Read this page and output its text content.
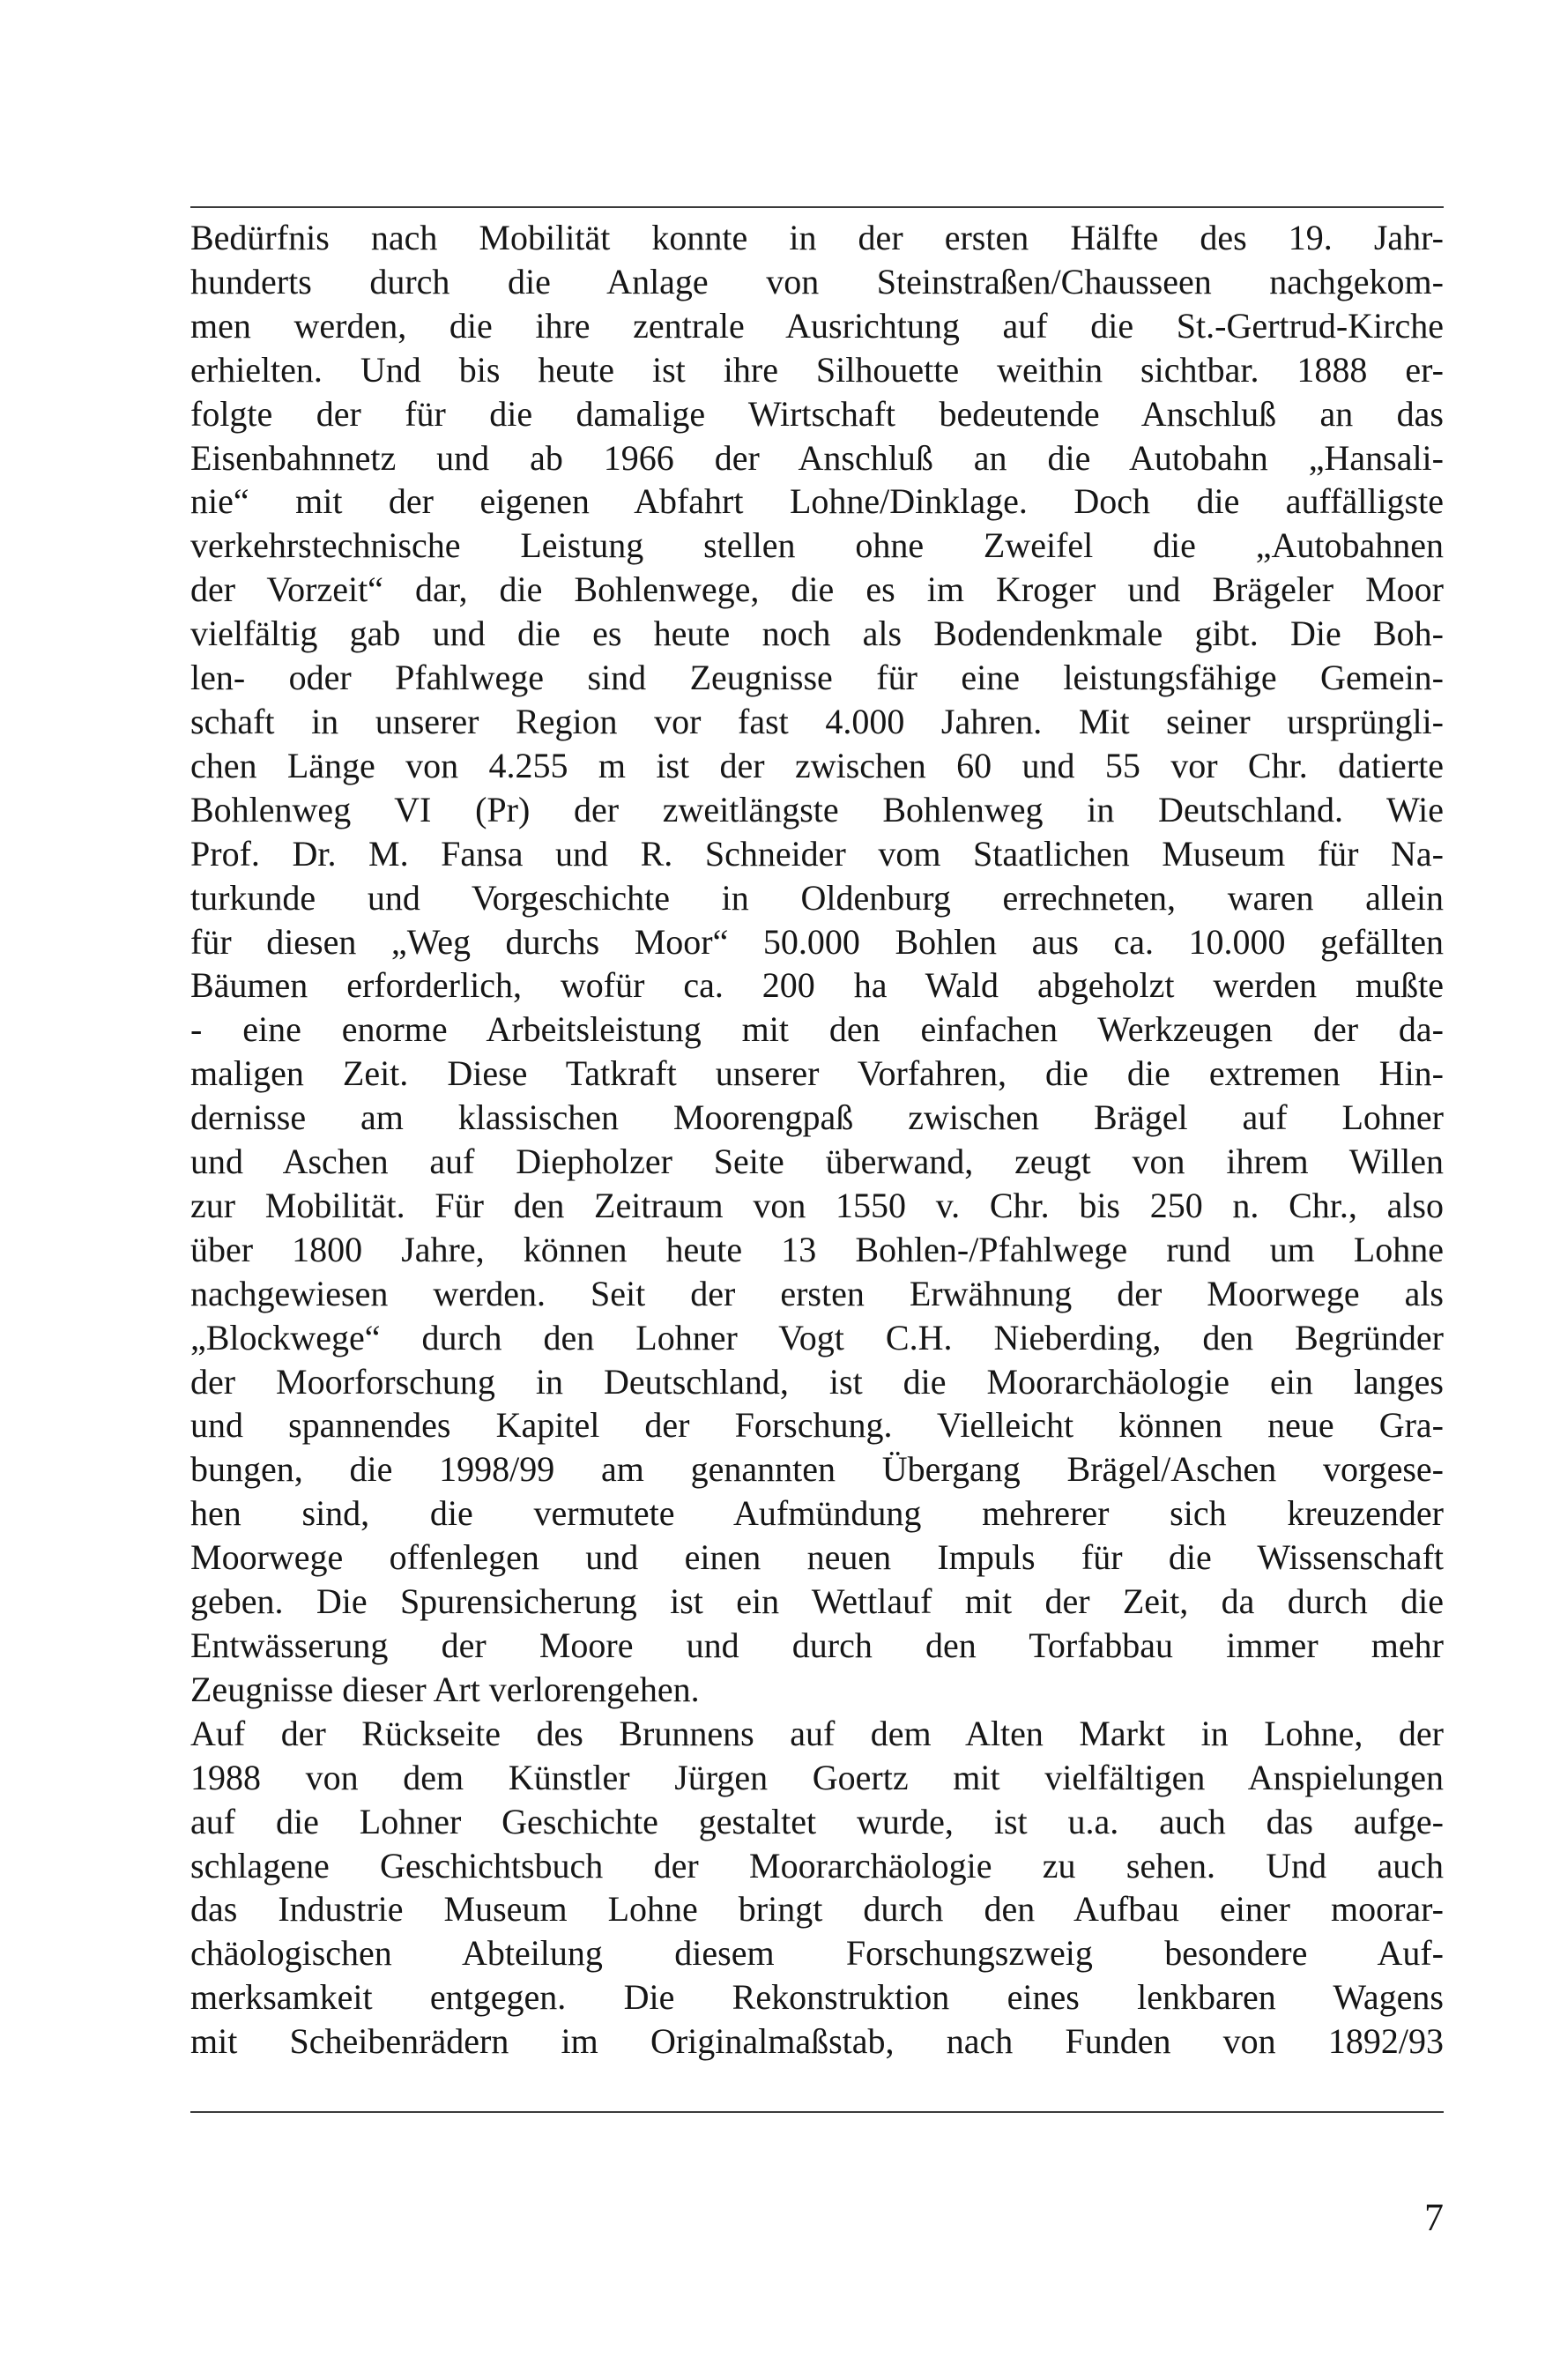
Bedürfnis nach Mobilität konnte in der ersten Hälfte des 19. Jahr-
hunderts durch die Anlage von Steinstraßen/Chausseen nachgekom-
men werden, die ihre zentrale Ausrichtung auf die St.-Gertrud-Kirche
erhielten. Und bis heute ist ihre Silhouette weithin sichtbar. 1888 er-
folgte der für die damalige Wirtschaft bedeutende Anschluß an das
Eisenbahnnetz und ab 1966 der Anschluß an die Autobahn „Hansali-
nie“ mit der eigenen Abfahrt Lohne/Dinklage. Doch die auffälligste
verkehrstechnische Leistung stellen ohne Zweifel die „Autobahnen
der Vorzeit“ dar, die Bohlenwege, die es im Kroger und Brägeler Moor
vielfältig gab und die es heute noch als Bodendenkmale gibt. Die Boh-
len- oder Pfahlwege sind Zeugnisse für eine leistungsfähige Gemein-
schaft in unserer Region vor fast 4.000 Jahren. Mit seiner ursprüngli-
chen Länge von 4.255 m ist der zwischen 60 und 55 vor Chr. datierte
Bohlenweg VI (Pr) der zweitlängste Bohlenweg in Deutschland. Wie
Prof. Dr. M. Fansa und R. Schneider vom Staatlichen Museum für Na-
turkunde und Vorgeschichte in Oldenburg errechneten, waren allein
für diesen „Weg durchs Moor“ 50.000 Bohlen aus ca. 10.000 gefällten
Bäumen erforderlich, wofür ca. 200 ha Wald abgeholzt werden mußte
- eine enorme Arbeitsleistung mit den einfachen Werkzeugen der da-
maligen Zeit. Diese Tatkraft unserer Vorfahren, die die extremen Hin-
dernisse am klassischen Moorengpaß zwischen Brägel auf Lohner
und Aschen auf Diepholzer Seite überwand, zeugt von ihrem Willen
zur Mobilität. Für den Zeitraum von 1550 v. Chr. bis 250 n. Chr., also
über 1800 Jahre, können heute 13 Bohlen-/Pfahlwege rund um Lohne
nachgewiesen werden. Seit der ersten Erwähnung der Moorwege als
„Blockwege“ durch den Lohner Vogt C.H. Nieberding, den Begründer
der Moorforschung in Deutschland, ist die Moorarchäologie ein langes
und spannendes Kapitel der Forschung. Vielleicht können neue Gra-
bungen, die 1998/99 am genannten Übergang Brägel/Aschen vorgese-
hen sind, die vermutete Aufmündung mehrerer sich kreuzender
Moorwege offenlegen und einen neuen Impuls für die Wissenschaft
geben. Die Spurensicherung ist ein Wettlauf mit der Zeit, da durch die
Entwässerung der Moore und durch den Torfabbau immer mehr
Zeugnisse dieser Art verlorengehen.
Auf der Rückseite des Brunnens auf dem Alten Markt in Lohne, der
1988 von dem Künstler Jürgen Goertz mit vielfältigen Anspielungen
auf die Lohner Geschichte gestaltet wurde, ist u.a. auch das aufge-
schlagene Geschichtsbuch der Moorarchäologie zu sehen. Und auch
das Industrie Museum Lohne bringt durch den Aufbau einer moorar-
chäologischen Abteilung diesem Forschungszweig besondere Auf-
merksamkeit entgegen. Die Rekonstruktion eines lenkbaren Wagens
mit Scheibenrädern im Originalmaßstab, nach Funden von 1892/93
7
